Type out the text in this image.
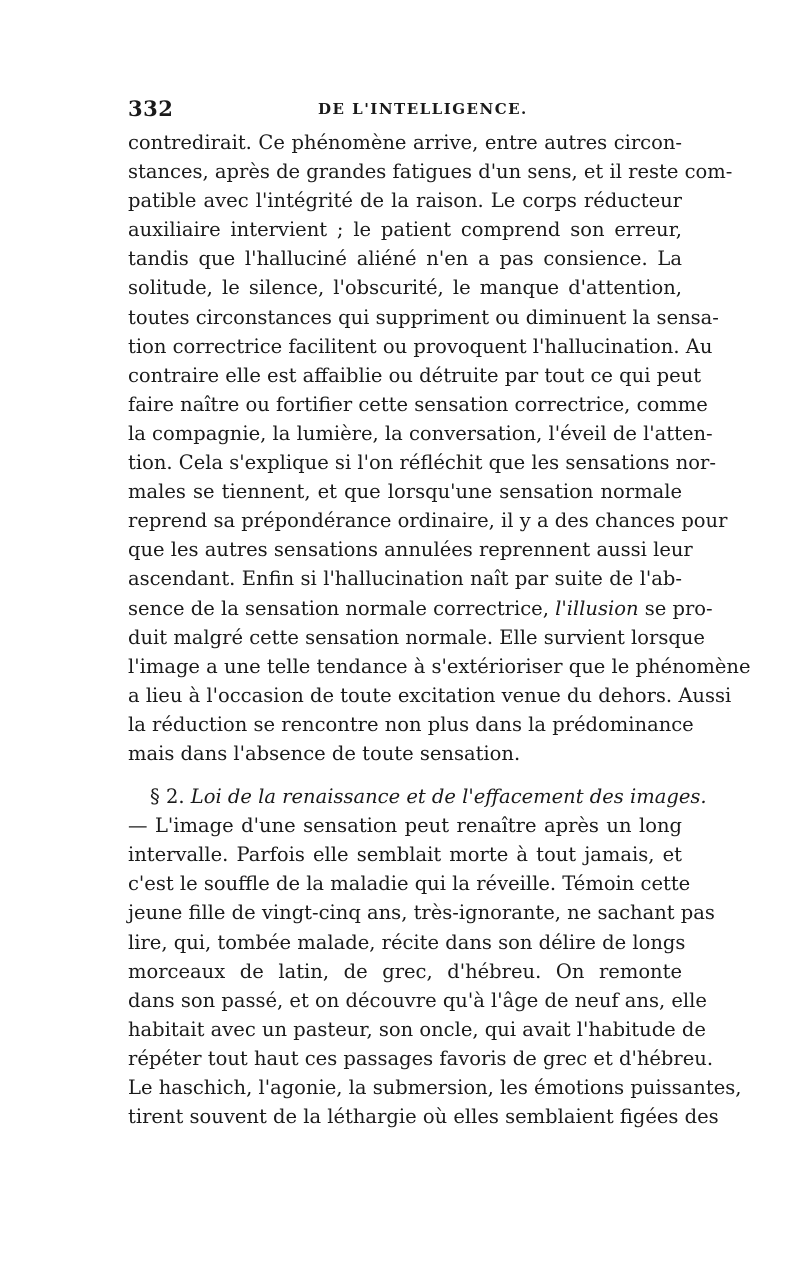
332	DE L'INTELLIGENCE.
contredirait. Ce phénomène arrive, entre autres circon-
stances, après de grandes fatigues d'un sens, et il reste com-
patible avec l'intégrité de la raison. Le corps réducteur
auxiliaire intervient ; le patient comprend son erreur,
tandis que l'halluciné aliéné n'en a pas consience. La
solitude, le silence, l'obscurité, le manque d'attention,
toutes circonstances qui suppriment ou diminuent la sensa-
tion correctrice facilitent ou provoquent l'hallucination. Au
contraire elle est affaiblie ou détruite par tout ce qui peut
faire naître ou fortifier cette sensation correctrice, comme
la compagnie, la lumière, la conversation, l'éveil de l'atten-
tion. Cela s'explique si l'on réfléchit que les sensations nor-
males se tiennent, et que lorsqu'une sensation normale
reprend sa prépondérance ordinaire, il y a des chances pour
que les autres sensations annulées reprennent aussi leur
ascendant. Enfin si l'hallucination naît par suite de l'ab-
sence de la sensation normale correctrice, l'illusion se pro-
duit malgré cette sensation normale. Elle survient lorsque
l'image a une telle tendance à s'extérioriser que le phénomène
a lieu à l'occasion de toute excitation venue du dehors. Aussi
la réduction se rencontre non plus dans la prédominance
mais dans l'absence de toute sensation.
§ 2. Loi de la renaissance et de l'effacement des images.
— L'image d'une sensation peut renaître après un long
intervalle. Parfois elle semblait morte à tout jamais, et
c'est le souffle de la maladie qui la réveille. Témoin cette
jeune fille de vingt-cinq ans, très-ignorante, ne sachant pas
lire, qui, tombée malade, récite dans son délire de longs
morceaux de latin, de grec, d'hébreu. On remonte
dans son passé, et on découvre qu'à l'âge de neuf ans, elle
habitait avec un pasteur, son oncle, qui avait l'habitude de
répéter tout haut ces passages favoris de grec et d'hébreu.
Le haschich, l'agonie, la submersion, les émotions puissantes,
tirent souvent de la léthargie où elles semblaient figées des
